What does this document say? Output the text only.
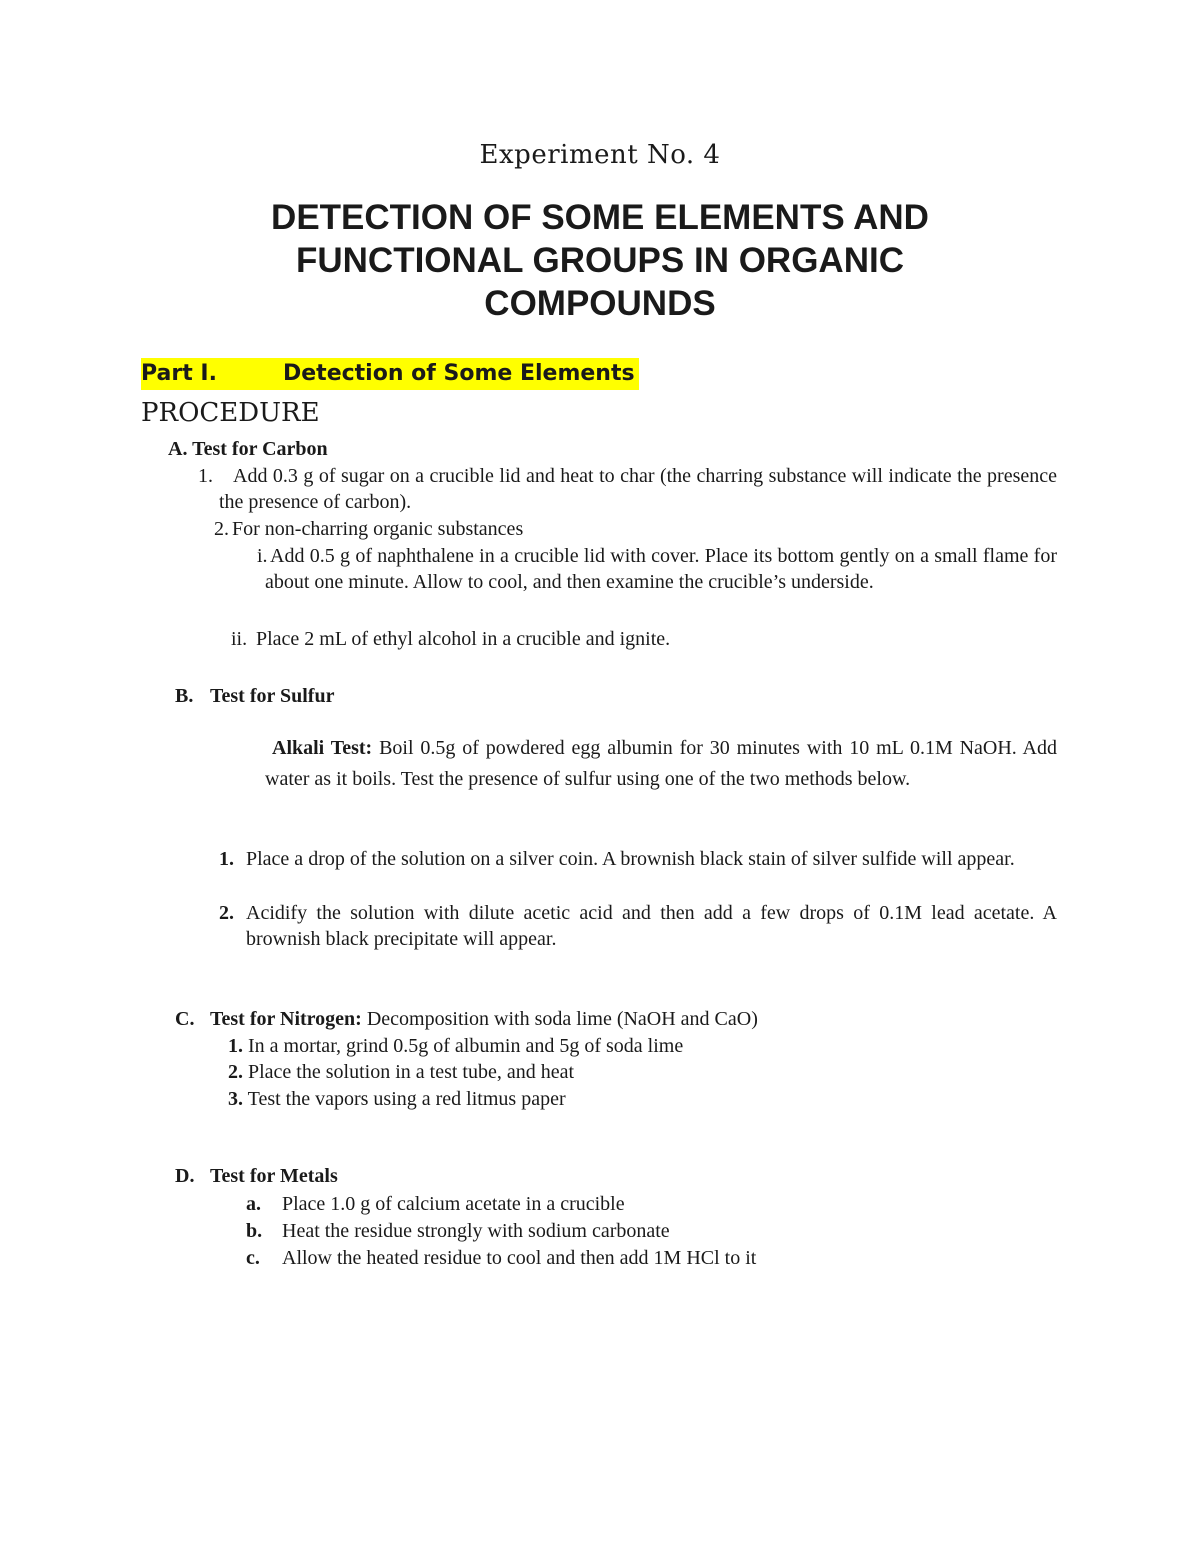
Experiment No. 4
DETECTION OF SOME ELEMENTS AND
FUNCTIONAL GROUPS IN ORGANIC
COMPOUNDS
Part I.	Detection of Some Elements
PROCEDURE
A. Test for Carbon
1.	Add 0.3 g of sugar on a crucible lid and heat to char (the charring substance will indicate the presence the presence of carbon).
2. For non-charring organic substances
i. Add 0.5 g of naphthalene in a crucible lid with cover. Place its bottom gently on a small flame for about one minute. Allow to cool, and then examine the crucible’s underside.
ii. Place 2 mL of ethyl alcohol in a crucible and ignite.
B. Test for Sulfur
Alkali Test: Boil 0.5g of powdered egg albumin for 30 minutes with 10 mL 0.1M NaOH. Add water as it boils. Test the presence of sulfur using one of the two methods below.
1. Place a drop of the solution on a silver coin. A brownish black stain of silver sulfide will appear.
2. Acidify the solution with dilute acetic acid and then add a few drops of 0.1M lead acetate. A brownish black precipitate will appear.
C. Test for Nitrogen: Decomposition with soda lime (NaOH and CaO)
1. In a mortar, grind 0.5g of albumin and 5g of soda lime
2. Place the solution in a test tube, and heat
3. Test the vapors using a red litmus paper
D. Test for Metals
a. Place 1.0 g of calcium acetate in a crucible
b. Heat the residue strongly with sodium carbonate
c. Allow the heated residue to cool and then add 1M HCl to it
